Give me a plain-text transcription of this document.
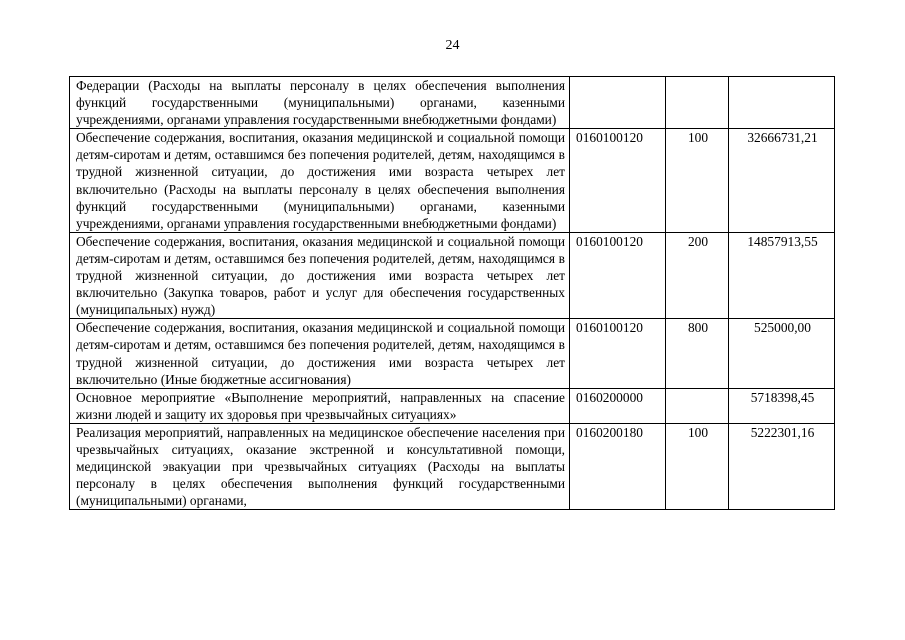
24
Федерации (Расходы на выплаты персоналу в целях обеспечения выполнения функций государственными (муниципальными) органами, казенными учреждениями, органами управления государственными внебюджетными фондами)			
Обеспечение содержания, воспитания, оказания медицинской и социальной помощи детям-сиротам и детям, оставшимся без попечения родителей, детям, находящимся в трудной жизненной ситуации, до достижения ими возраста четырех лет включительно (Расходы на выплаты персоналу в целях обеспечения выполнения функций государственными (муниципальными) органами, казенными учреждениями, органами управления государственными внебюджетными фондами)	0160100120	100	32666731,21
Обеспечение содержания, воспитания, оказания медицинской и социальной помощи детям-сиротам и детям, оставшимся без попечения родителей, детям, находящимся в трудной жизненной ситуации, до достижения ими возраста четырех лет включительно (Закупка товаров, работ и услуг для обеспечения государственных (муниципальных) нужд)	0160100120	200	14857913,55
Обеспечение содержания, воспитания, оказания медицинской и социальной помощи детям-сиротам и детям, оставшимся без попечения родителей, детям, находящимся в трудной жизненной ситуации, до достижения ими возраста четырех лет включительно (Иные бюджетные ассигнования)	0160100120	800	525000,00
Основное мероприятие «Выполнение мероприятий, направленных на спасение жизни людей и защиту их здоровья при чрезвычайных ситуациях»	0160200000		5718398,45
Реализация мероприятий, направленных на медицинское обеспечение населения при чрезвычайных ситуациях, оказание экстренной и консультативной помощи, медицинской эвакуации при чрезвычайных ситуациях (Расходы на выплаты персоналу в целях обеспечения выполнения функций государственными (муниципальными) органами,	0160200180	100	5222301,16
